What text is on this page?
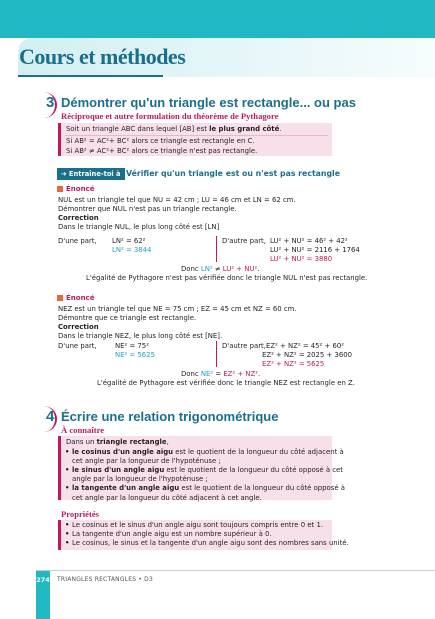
Cours et méthodes
3 Démontrer qu'un triangle est rectangle... ou pas
Réciproque et autre formulation du théorème de Pythagore
Soit un triangle ABC dans lequel [AB] est le plus grand côté.
Si AB² = AC²+ BC² alors ce triangle est rectangle en C.
Si AB² ≠ AC²+ BC² alors ce triangle n'est pas rectangle.
➔ Entraîne-toi à Vérifier qu'un triangle est ou n'est pas rectangle
Énoncé
NUL est un triangle tel que NU = 42 cm ; LU = 46 cm et LN = 62 cm.
Démontrer que NUL n'est pas un triangle rectangle.
Correction
Dans le triangle NUL, le plus long côté est [LN]
D'une part, LN² = 62²
LN² = 3844
D'autre part, LU² + NU² = 46² + 42²
LU² + NU² = 2116 + 1764
LU² + NU² = 3880
Donc LN² ≠ LU² + NU².
L'égalité de Pythagore n'est pas vérifiée donc le triangle NUL n'est pas rectangle.
Énoncé
NEZ est un triangle tel que NE = 75 cm ; EZ = 45 cm et NZ = 60 cm.
Démontre que ce triangle est rectangle.
Correction
Dans le triangle NEZ, le plus long côté est [NE].
D'une part,	NE² = 75²
NE² = 5625
D'autre part, EZ² + NZ² = 45² + 60²
EZ² + NZ² = 2025 + 3600
EZ² + NZ² = 5625
Donc NE² = EZ² + NZ².
L'égalité de Pythagore est vérifiée donc le triangle NEZ est rectangle en Z.
4 Écrire une relation trigonométrique
À connaître
Dans un triangle rectangle,
• le cosinus d'un angle aigu est le quotient de la longueur du côté adjacent à
cet angle par la longueur de l'hypoténuse ;
• le sinus d'un angle aigu est le quotient de la longueur du côté opposé à cet
angle par la longueur de l'hypoténuse ;
• la tangente d'un angle aigu est le quotient de la longueur du côté opposé à
cet angle par la longueur du côté adjacent à cet angle.
Propriétés
• Le cosinus et le sinus d'un angle aigu sont toujours compris entre 0 et 1.
• La tangente d'un angle aigu est un nombre supérieur à 0.
• Le cosinus, le sinus et la tangente d'un angle aigu sont des nombres sans unité.
274 TRIANGLES RECTANGLES • D3
